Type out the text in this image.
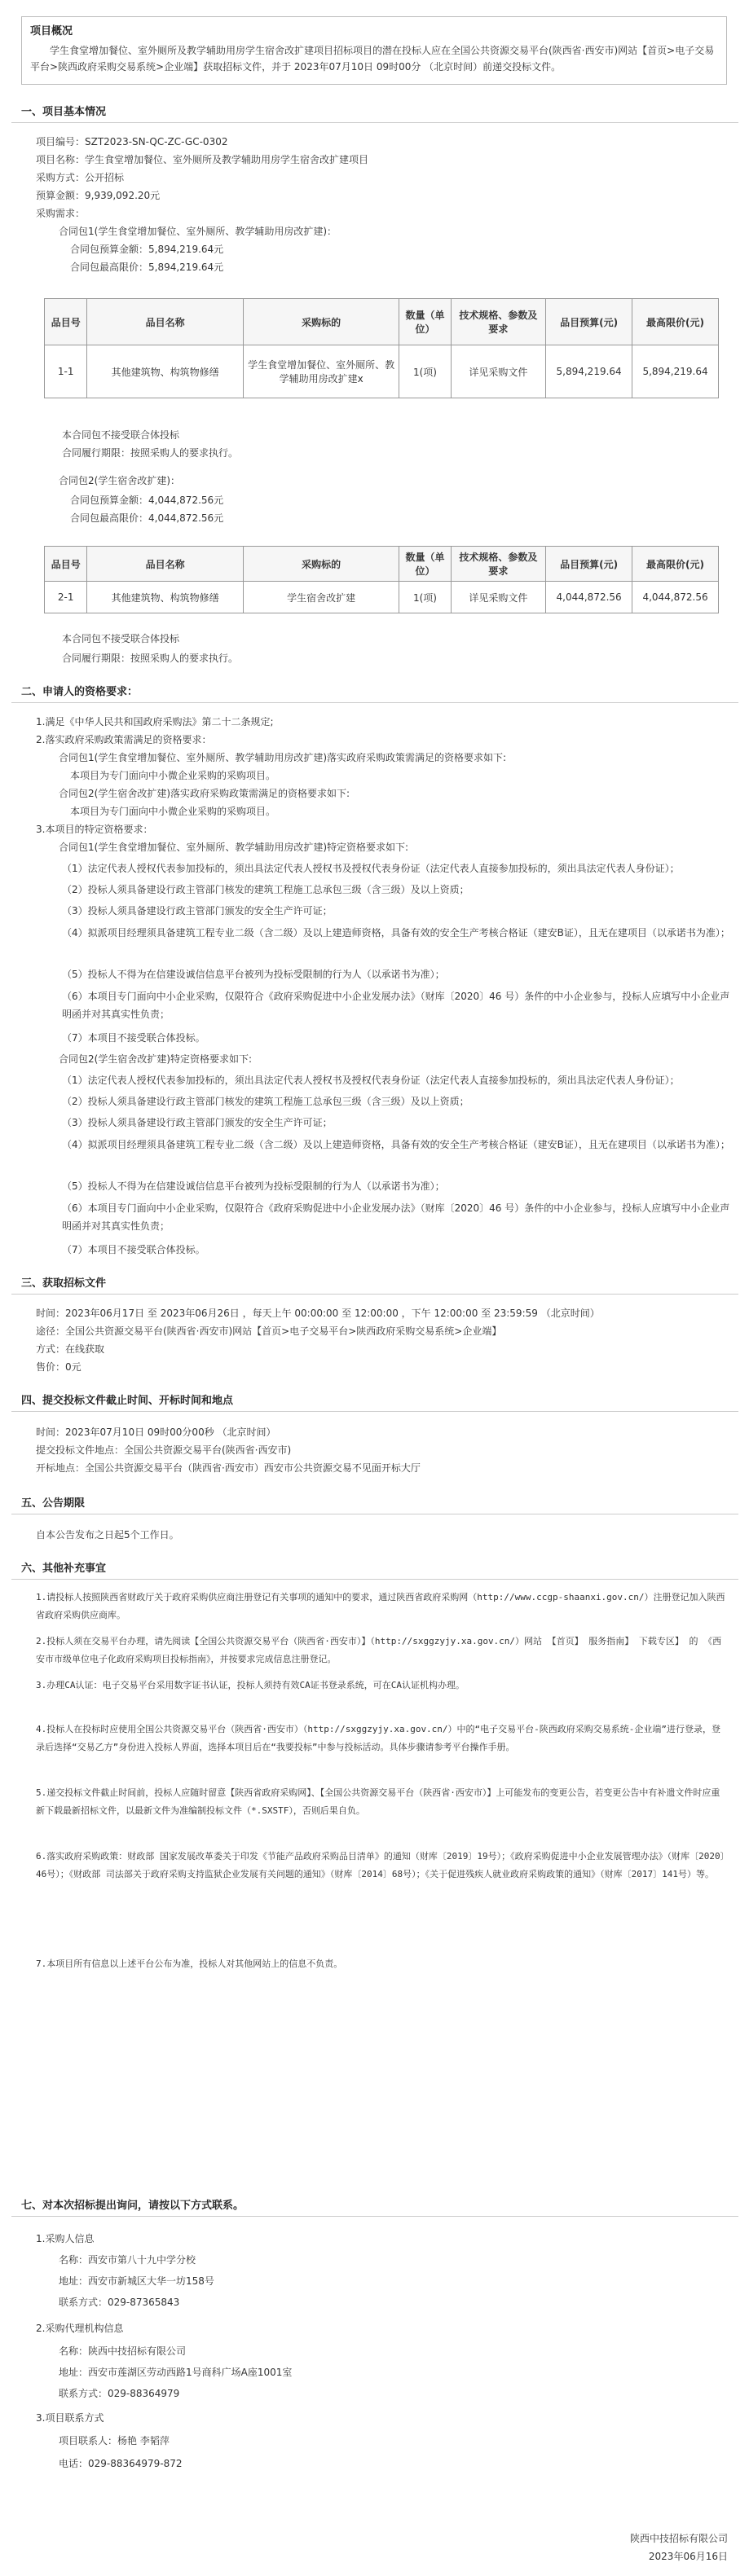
项目概况
学生食堂增加餐位、室外厕所及教学辅助用房学生宿舍改扩建项目招标项目的潜在投标人应在全国公共资源交易平台(陕西省·西安市)网站【首页>电子交易平台>陕西政府采购交易系统>企业端】获取招标文件，并于 2023年07月10日 09时00分 （北京时间）前递交投标文件。
一、项目基本情况
项目编号：SZT2023-SN-QC-ZC-GC-0302
项目名称：学生食堂增加餐位、室外厕所及教学辅助用房学生宿舍改扩建项目
采购方式：公开招标
预算金额：9,939,092.20元
采购需求：
合同包1(学生食堂增加餐位、室外厕所、教学辅助用房改扩建)：
合同包预算金额：5,894,219.64元
合同包最高限价：5,894,219.64元
品目号	品目名称	采购标的	数量（单位）	技术规格、参数及要求	品目预算(元)	最高限价(元)
1-1	其他建筑物、构筑物修缮	学生食堂增加餐位、室外厕所、教学辅助用房改扩建x	1(项)	详见采购文件	5,894,219.64	5,894,219.64
本合同包不接受联合体投标
合同履行期限：按照采购人的要求执行。
合同包2(学生宿舍改扩建)：
合同包预算金额：4,044,872.56元
合同包最高限价：4,044,872.56元
品目号	品目名称	采购标的	数量（单位）	技术规格、参数及要求	品目预算(元)	最高限价(元)
2-1	其他建筑物、构筑物修缮	学生宿舍改扩建	1(项)	详见采购文件	4,044,872.56	4,044,872.56
本合同包不接受联合体投标
合同履行期限：按照采购人的要求执行。
二、申请人的资格要求：
1.满足《中华人民共和国政府采购法》第二十二条规定;
2.落实政府采购政策需满足的资格要求：
合同包1(学生食堂增加餐位、室外厕所、教学辅助用房改扩建)落实政府采购政策需满足的资格要求如下:
本项目为专门面向中小微企业采购的采购项目。
合同包2(学生宿舍改扩建)落实政府采购政策需满足的资格要求如下:
本项目为专门面向中小微企业采购的采购项目。
3.本项目的特定资格要求：
合同包1(学生食堂增加餐位、室外厕所、教学辅助用房改扩建)特定资格要求如下:
（1）法定代表人授权代表参加投标的，须出具法定代表人授权书及授权代表身份证（法定代表人直接参加投标的，须出具法定代表人身份证）；
（2）投标人须具备建设行政主管部门核发的建筑工程施工总承包三级（含三级）及以上资质；
（3）投标人须具备建设行政主管部门颁发的安全生产许可证；
（4）拟派项目经理须具备建筑工程专业二级（含二级）及以上建造师资格，具备有效的安全生产考核合格证（建安B证），且无在建项目（以承诺书为准）；
（5）投标人不得为在信建设诚信信息平台被列为投标受限制的行为人（以承诺书为准）；
（6）本项目专门面向中小企业采购，仅限符合《政府采购促进中小企业发展办法》（财库〔2020〕46 号）条件的中小企业参与，投标人应填写中小企业声明函并对其真实性负责；
（7）本项目不接受联合体投标。
合同包2(学生宿舍改扩建)特定资格要求如下:
（1）法定代表人授权代表参加投标的，须出具法定代表人授权书及授权代表身份证（法定代表人直接参加投标的，须出具法定代表人身份证）；
（2）投标人须具备建设行政主管部门核发的建筑工程施工总承包三级（含三级）及以上资质；
（3）投标人须具备建设行政主管部门颁发的安全生产许可证；
（4）拟派项目经理须具备建筑工程专业二级（含二级）及以上建造师资格，具备有效的安全生产考核合格证（建安B证），且无在建项目（以承诺书为准）；
（5）投标人不得为在信建设诚信信息平台被列为投标受限制的行为人（以承诺书为准）；
（6）本项目专门面向中小企业采购，仅限符合《政府采购促进中小企业发展办法》（财库〔2020〕46 号）条件的中小企业参与，投标人应填写中小企业声明函并对其真实性负责；
（7）本项目不接受联合体投标。
三、获取招标文件
时间：2023年06月17日 至 2023年06月26日 ，每天上午 00:00:00 至 12:00:00 ，下午 12:00:00 至 23:59:59 （北京时间）
途径：全国公共资源交易平台(陕西省·西安市)网站【首页>电子交易平台>陕西政府采购交易系统>企业端】
方式：在线获取
售价：0元
四、提交投标文件截止时间、开标时间和地点
时间：2023年07月10日 09时00分00秒 （北京时间）
提交投标文件地点：全国公共资源交易平台(陕西省·西安市)
开标地点：全国公共资源交易平台（陕西省·西安市）西安市公共资源交易不见面开标大厅
五、公告期限
自本公告发布之日起5个工作日。
六、其他补充事宜
1.请投标人按照陕西省财政厅关于政府采购供应商注册登记有关事项的通知中的要求，通过陕西省政府采购网（http://www.ccgp-shaanxi.gov.cn/）注册登记加入陕西省政府采购供应商库。
2.投标人须在交易平台办理，请先阅读【全国公共资源交易平台（陕西省·西安市）】（http://sxggzyjy.xa.gov.cn/）网站 【首页】 服务指南】 下载专区】 的 《西安市市级单位电子化政府采购项目投标指南》，并按要求完成信息注册登记。
3.办理CA认证：电子交易平台采用数字证书认证，投标人须持有效CA证书登录系统，可在CA认证机构办理。
4.投标人在投标时应使用全国公共资源交易平台（陕西省·西安市）（http://sxggzyjy.xa.gov.cn/）中的“电子交易平台-陕西政府采购交易系统-企业端”进行登录，登录后选择“交易乙方”身份进入投标人界面，选择本项目后在“我要投标”中参与投标活动。具体步骤请参考平台操作手册。
5.递交投标文件截止时间前，投标人应随时留意【陕西省政府采购网】、【全国公共资源交易平台（陕西省·西安市）】上可能发布的变更公告，若变更公告中有补遗文件时应重新下载最新招标文件，以最新文件为准编制投标文件（*.SXSTF），否则后果自负。
6.落实政府采购政策：财政部 国家发展改革委关于印发《节能产品政府采购品目清单》的通知（财库〔2019〕19号）；《政府采购促进中小企业发展管理办法》（财库〔2020〕46号）；《财政部 司法部关于政府采购支持监狱企业发展有关问题的通知》（财库〔2014〕68号）；《关于促进残疾人就业政府采购政策的通知》（财库〔2017〕141号）等。
7.本项目所有信息以上述平台公布为准，投标人对其他网站上的信息不负责。
七、对本次招标提出询问，请按以下方式联系。
1.采购人信息
名称：西安市第八十九中学分校
地址：西安市新城区大华一坊158号
联系方式：029-87365843
2.采购代理机构信息
名称：陕西中技招标有限公司
地址：西安市莲湖区劳动西路1号商科广场A座1001室
联系方式：029-88364979
3.项目联系方式
项目联系人：杨艳 李韬萍
电话：029-88364979-872
陕西中技招标有限公司
2023年06月16日
